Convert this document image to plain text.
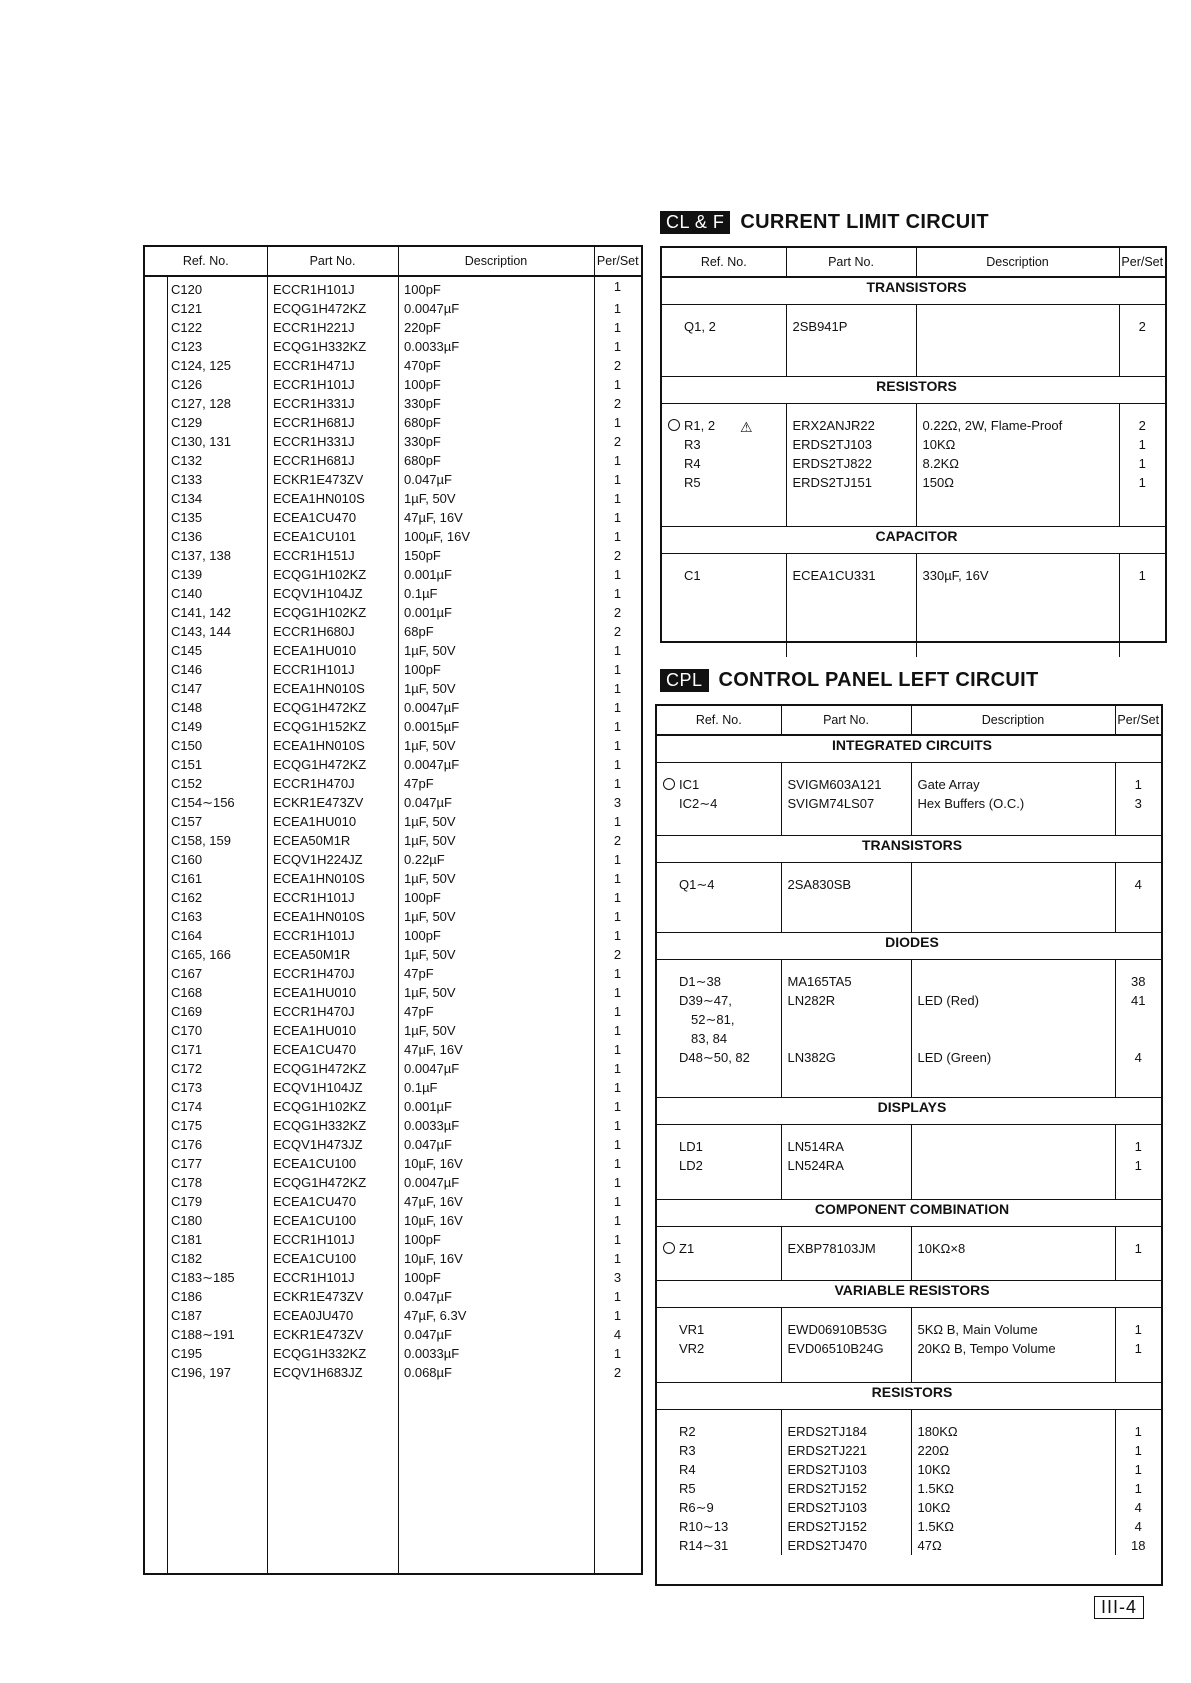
Ref. No.	Part No.	Description	Per/Set
C120	ECCR1H101J	100pF	1
C121	ECQG1H472KZ	0.0047µF	1
C122	ECCR1H221J	220pF	1
C123	ECQG1H332KZ	0.0033µF	1
C124, 125	ECCR1H471J	470pF	2
C126	ECCR1H101J	100pF	1
C127, 128	ECCR1H331J	330pF	2
C129	ECCR1H681J	680pF	1
C130, 131	ECCR1H331J	330pF	2
C132	ECCR1H681J	680pF	1
C133	ECKR1E473ZV	0.047µF	1
C134	ECEA1HN010S	1µF, 50V	1
C135	ECEA1CU470	47µF, 16V	1
C136	ECEA1CU101	100µF, 16V	1
C137, 138	ECCR1H151J	150pF	2
C139	ECQG1H102KZ	0.001µF	1
C140	ECQV1H104JZ	0.1µF	1
C141, 142	ECQG1H102KZ	0.001µF	2
C143, 144	ECCR1H680J	68pF	2
C145	ECEA1HU010	1µF, 50V	1
C146	ECCR1H101J	100pF	1
C147	ECEA1HN010S	1µF, 50V	1
C148	ECQG1H472KZ	0.0047µF	1
C149	ECQG1H152KZ	0.0015µF	1
C150	ECEA1HN010S	1µF, 50V	1
C151	ECQG1H472KZ	0.0047µF	1
C152	ECCR1H470J	47pF	1
C154∼156	ECKR1E473ZV	0.047µF	3
C157	ECEA1HU010	1µF, 50V	1
C158, 159	ECEA50M1R	1µF, 50V	2
C160	ECQV1H224JZ	0.22µF	1
C161	ECEA1HN010S	1µF, 50V	1
C162	ECCR1H101J	100pF	1
C163	ECEA1HN010S	1µF, 50V	1
C164	ECCR1H101J	100pF	1
C165, 166	ECEA50M1R	1µF, 50V	2
C167	ECCR1H470J	47pF	1
C168	ECEA1HU010	1µF, 50V	1
C169	ECCR1H470J	47pF	1
C170	ECEA1HU010	1µF, 50V	1
C171	ECEA1CU470	47µF, 16V	1
C172	ECQG1H472KZ	0.0047µF	1
C173	ECQV1H104JZ	0.1µF	1
C174	ECQG1H102KZ	0.001µF	1
C175	ECQG1H332KZ	0.0033µF	1
C176	ECQV1H473JZ	0.047µF	1
C177	ECEA1CU100	10µF, 16V	1
C178	ECQG1H472KZ	0.0047µF	1
C179	ECEA1CU470	47µF, 16V	1
C180	ECEA1CU100	10µF, 16V	1
C181	ECCR1H101J	100pF	1
C182	ECEA1CU100	10µF, 16V	1
C183∼185	ECCR1H101J	100pF	3
C186	ECKR1E473ZV	0.047µF	1
C187	ECEA0JU470	47µF, 6.3V	1
C188∼191	ECKR1E473ZV	0.047µF	4
C195	ECQG1H332KZ	0.0033µF	1
C196, 197	ECQV1H683JZ	0.068µF	2
CL & F CURRENT LIMIT CIRCUIT
Ref. No.	Part No.	Description	Per/Set
TRANSISTORS			

Q1, 2	2SB941P		2

RESISTORS			

R1, 2 ⚠	ERX2ANJR22	0.22Ω, 2W, Flame-Proof	2
R3	ERDS2TJ103	10KΩ	1
R4	ERDS2TJ822	8.2KΩ	1
R5	ERDS2TJ151	150Ω	1

CAPACITOR			

C1	ECEA1CU331	330µF, 16V	1

CPL CONTROL PANEL LEFT CIRCUIT
Ref. No.	Part No.	Description	Per/Set
INTEGRATED CIRCUITS			

IC1	SVIGM603A121	Gate Array	1
IC2∼4	SVIGM74LS07	Hex Buffers (O.C.)	3

TRANSISTORS			

Q1∼4	2SA830SB		4

DIODES			

D1∼38	MA165TA5		38
D39∼47,	LN282R	LED (Red)	41
52∼81,			
83, 84			
D48∼50, 82	LN382G	LED (Green)	4

DISPLAYS			

LD1	LN514RA		1
LD2	LN524RA		1

COMPONENT COMBINATION			

Z1	EXBP78103JM	10KΩ×8	1

VARIABLE RESISTORS			

VR1	EWD06910B53G	5KΩ B, Main Volume	1
VR2	EVD06510B24G	20KΩ B, Tempo Volume	1

RESISTORS			

R2	ERDS2TJ184	180KΩ	1
R3	ERDS2TJ221	220Ω	1
R4	ERDS2TJ103	10KΩ	1
R5	ERDS2TJ152	1.5KΩ	1
R6∼9	ERDS2TJ103	10KΩ	4
R10∼13	ERDS2TJ152	1.5KΩ	4
R14∼31	ERDS2TJ470	47Ω	18
III-4
